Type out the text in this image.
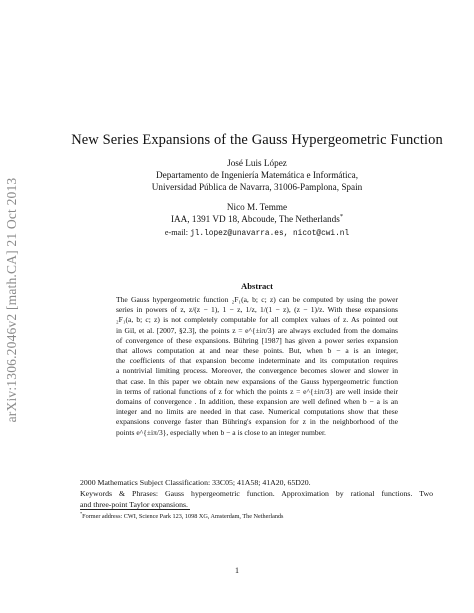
arXiv:1306.2046v2 [math.CA] 21 Oct 2013
New Series Expansions of the Gauss Hypergeometric Function
José Luis López
Departamento de Ingeniería Matemática e Informática,
Universidad Pública de Navarra, 31006-Pamplona, Spain
Nico M. Temme
IAA, 1391 VD 18, Abcoude, The Netherlands*
e-mail: jl.lopez@unavarra.es, nicot@cwi.nl
Abstract
The Gauss hypergeometric function ₂F₁(a, b; c; z) can be computed by using the power
series in powers of z, z/(z − 1), 1 − z, 1/z, 1/(1 − z), (z − 1)/z. With these expansions
₂F₁(a, b; c; z) is not completely computable for all complex values of z. As pointed out
in Gil, et al. [2007, §2.3], the points z = e^{±iπ/3} are always excluded from the domains
of convergence of these expansions. Bühring [1987] has given a power series expansion
that allows computation at and near these points. But, when b − a is an integer,
the coefficients of that expansion become indeterminate and its computation requires
a nontrivial limiting process. Moreover, the convergence becomes slower and slower in
that case. In this paper we obtain new expansions of the Gauss hypergeometric function
in terms of rational functions of z for which the points z = e^{±iπ/3} are well inside their
domains of convergence . In addition, these expansion are well defined when b − a is an
integer and no limits are needed in that case. Numerical computations show that these
expansions converge faster than Bühring's expansion for z in the neighborhood of the
points e^{±iπ/3}, especially when b − a is close to an integer number.
2000 Mathematics Subject Classification: 33C05; 41A58; 41A20, 65D20.
Keywords & Phrases: Gauss hypergeometric function. Approximation by rational functions. Two
and three-point Taylor expansions.
*Former address: CWI, Science Park 123, 1098 XG, Amsterdam, The Netherlands
1
